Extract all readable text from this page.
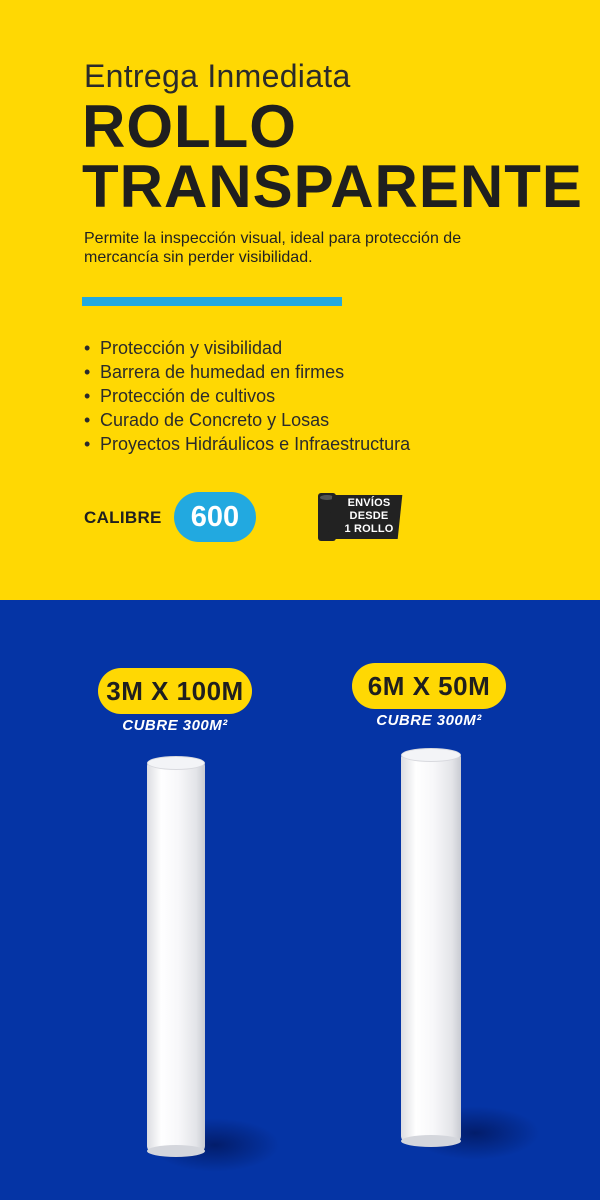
Entrega Inmediata
ROLLO
TRANSPARENTE
Permite la inspección visual, ideal para protección de mercancía sin perder visibilidad.
• Protección y visibilidad
• Barrera de humedad en firmes
• Protección de cultivos
• Curado de Concreto y Losas
• Proyectos Hidráulicos e Infraestructura
CALIBRE	600	ENVÍOS
DESDE
1 ROLLO
3M X 100M
CUBRE 300M²
6M X 50M
CUBRE 300M²
